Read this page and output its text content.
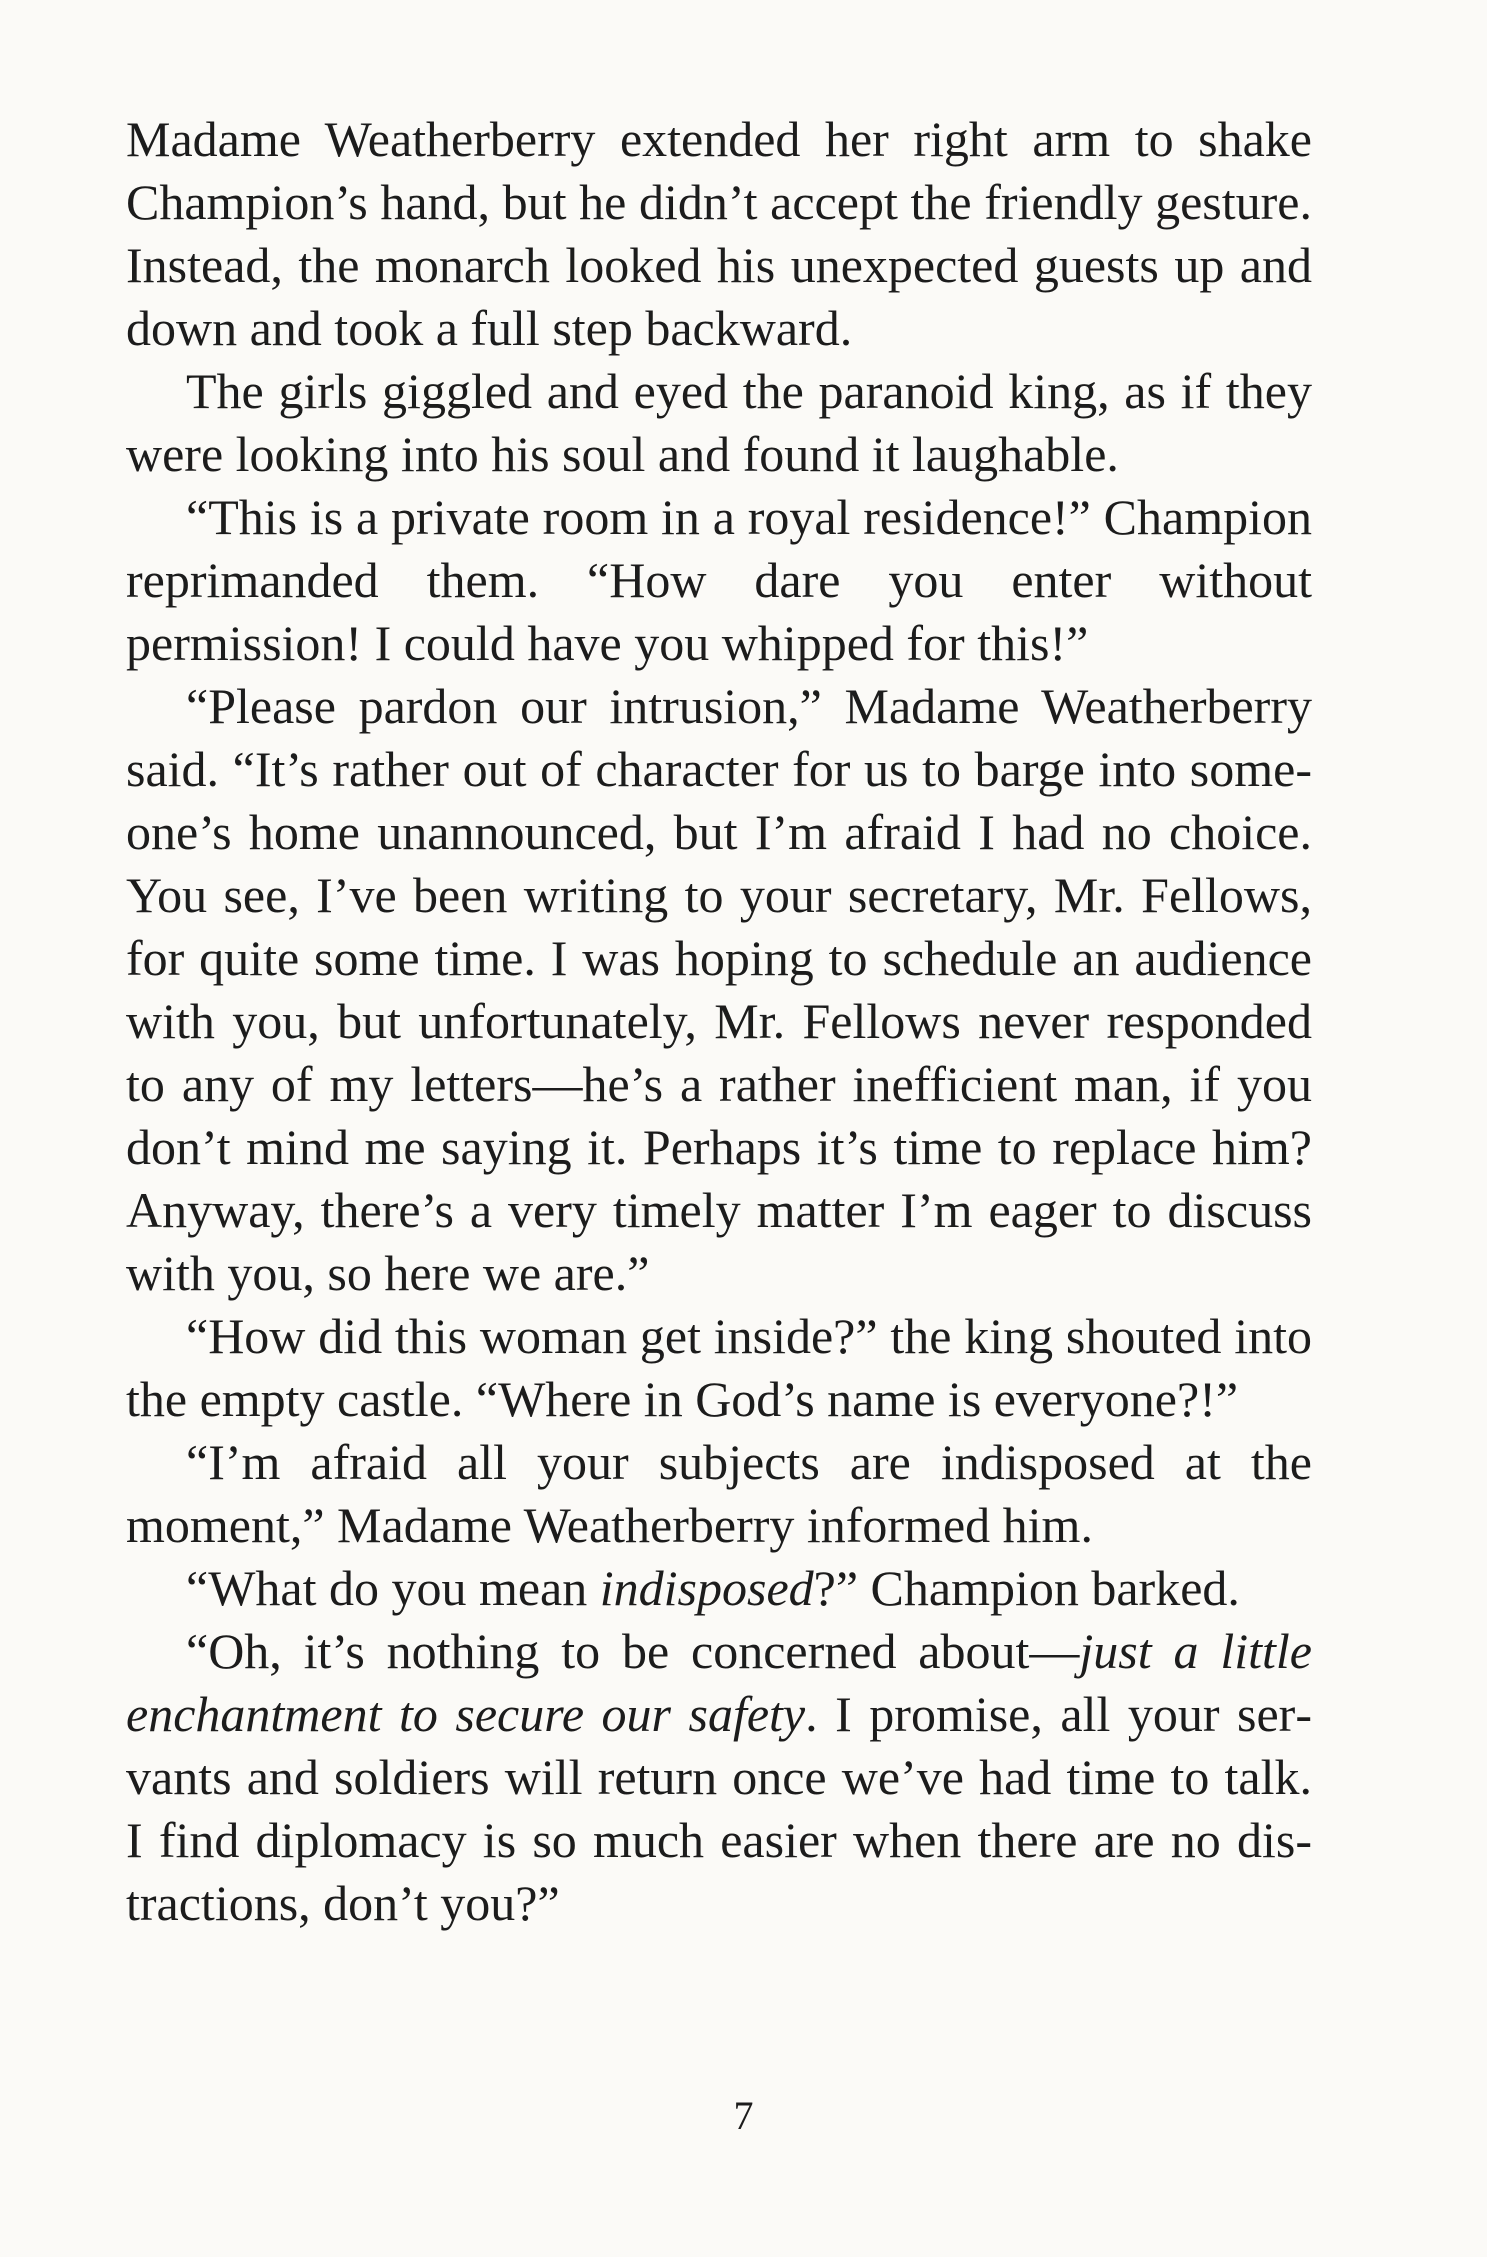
Madame Weatherberry extended her right arm to shake Champion’s hand, but he didn’t accept the friendly gesture. Instead, the monarch looked his unexpected guests up and down and took a full step backward.

The girls giggled and eyed the paranoid king, as if they were looking into his soul and found it laughable.

“This is a private room in a royal residence!” Champion reprimanded them. “How dare you enter without permission! I could have you whipped for this!”

“Please pardon our intrusion,” Madame Weatherberry said. “It’s rather out of character for us to barge into someone’s home unannounced, but I’m afraid I had no choice. You see, I’ve been writing to your secretary, Mr. Fellows, for quite some time. I was hoping to schedule an audience with you, but unfortunately, Mr. Fellows never responded to any of my letters—he’s a rather inefficient man, if you don’t mind me saying it. Perhaps it’s time to replace him? Anyway, there’s a very timely matter I’m eager to discuss with you, so here we are.”

“How did this woman get inside?” the king shouted into the empty castle. “Where in God’s name is everyone?!”

“I’m afraid all your subjects are indisposed at the moment,” Madame Weatherberry informed him.

“What do you mean indisposed?” Champion barked.

“Oh, it’s nothing to be concerned about—just a little enchantment to secure our safety. I promise, all your servants and soldiers will return once we’ve had time to talk. I find diplomacy is so much easier when there are no distractions, don’t you?”

7
